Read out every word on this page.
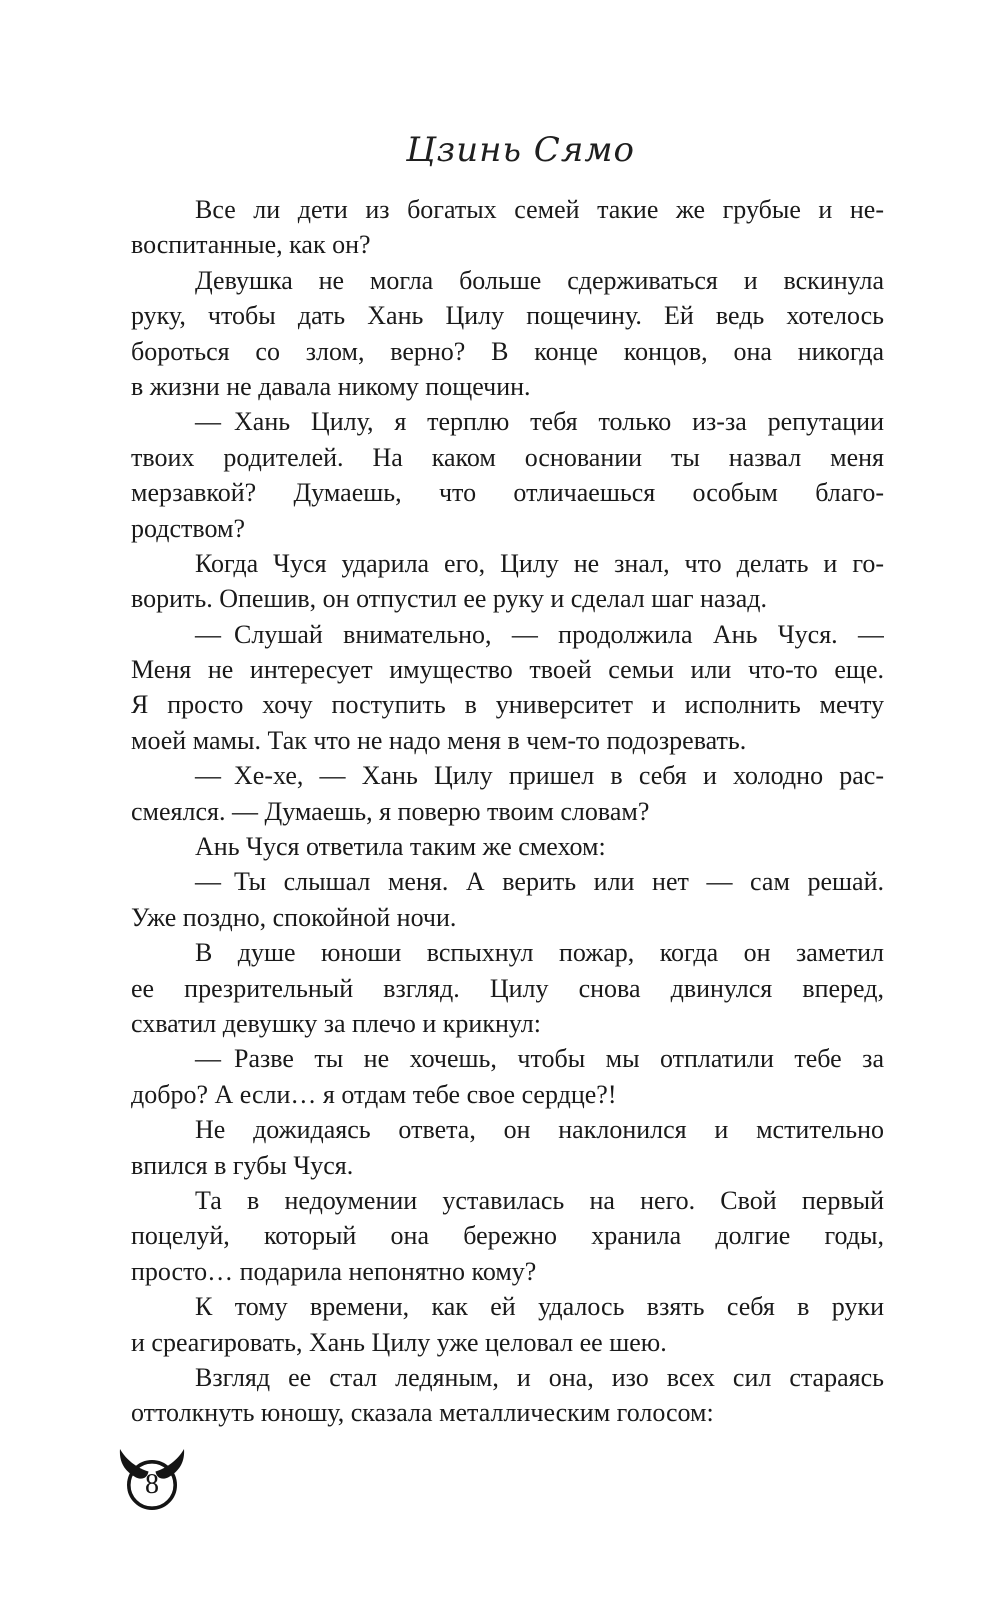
Цзинь Сямо
Все ли дети из богатых семей такие же грубые и не-
воспитанные, как он?
Девушка не могла больше сдерживаться и вскинула
руку, чтобы дать Хань Цилу пощечину. Ей ведь хотелось
бороться со злом, верно? В конце концов, она никогда
в жизни не давала никому пощечин.
— Хань Цилу, я терплю тебя только из-за репутации
твоих родителей. На каком основании ты назвал меня
мерзавкой? Думаешь, что отличаешься особым благо-
родством?
Когда Чуся ударила его, Цилу не знал, что делать и го-
ворить. Опешив, он отпустил ее руку и сделал шаг назад.
— Слушай внимательно, — продолжила Ань Чуся. —
Меня не интересует имущество твоей семьи или что-то еще.
Я просто хочу поступить в университет и исполнить мечту
моей мамы. Так что не надо меня в чем-то подозревать.
— Хе-хе, — Хань Цилу пришел в себя и холодно рас-
смеялся. — Думаешь, я поверю твоим словам?
Ань Чуся ответила таким же смехом:
— Ты слышал меня. А верить или нет — сам решай.
Уже поздно, спокойной ночи.
В душе юноши вспыхнул пожар, когда он заметил
ее презрительный взгляд. Цилу снова двинулся вперед,
схватил девушку за плечо и крикнул:
— Разве ты не хочешь, чтобы мы отплатили тебе за
добро? А если… я отдам тебе свое сердце?!
Не дожидаясь ответа, он наклонился и мстительно
впился в губы Чуся.
Та в недоумении уставилась на него. Свой первый
поцелуй, который она бережно хранила долгие годы,
просто… подарила непонятно кому?
К тому времени, как ей удалось взять себя в руки
и среагировать, Хань Цилу уже целовал ее шею.
Взгляд ее стал ледяным, и она, изо всех сил стараясь
оттолкнуть юношу, сказала металлическим голосом:
8
